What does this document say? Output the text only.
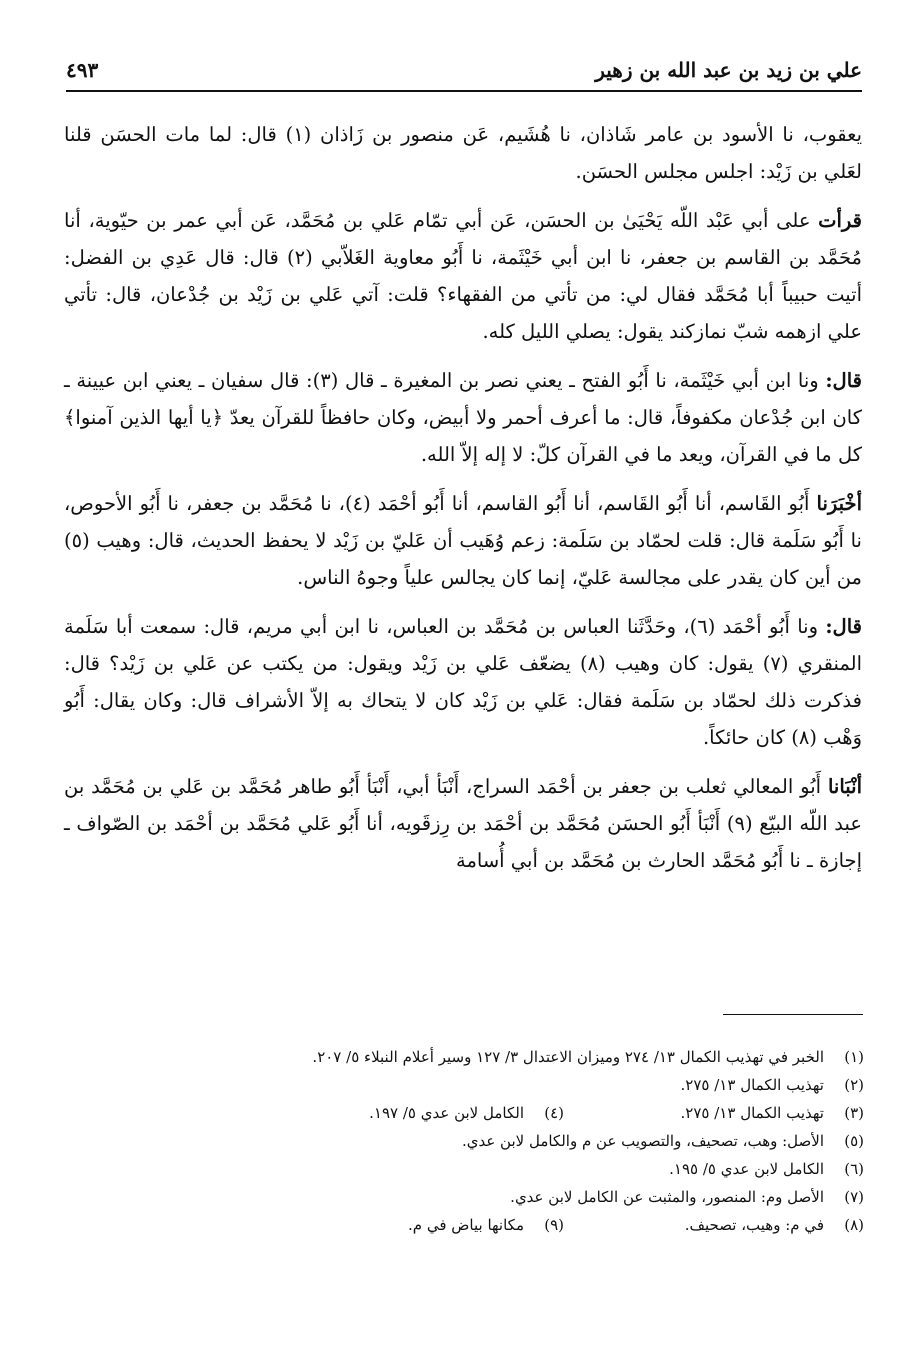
علي بن زيد بن عبد الله بن زهير
٤٩٣

يعقوب، نا الأسود بن عامر شَاذان، نا هُشَيم، عَن منصور بن زَاذان (١) قال: لما مات الحسَن قلنا لعَلي بن زَيْد: اجلس مجلس الحسَن.

قرأت على أبي عَبْد اللّه يَحْيَىٰ بن الحسَن، عَن أبي تمّام عَلي بن مُحَمَّد، عَن أبي عمر بن حيّوية، أنا مُحَمَّد بن القاسم بن جعفر، نا ابن أبي خَيْثَمة، نا أَبُو معاوية الغَلاّبي (٢) قال: قال عَدِي بن الفضل: أتيت حبيباً أبا مُحَمَّد فقال لي: من تأتي من الفقهاء؟ قلت: آتي عَلي بن زَيْد بن جُدْعان، قال: تأتي علي ازهمه شبّ نمازكند يقول: يصلي الليل كله.

قال: ونا ابن أبي خَيْثَمة، نا أَبُو الفتح ـ يعني نصر بن المغيرة ـ قال (٣): قال سفيان ـ يعني ابن عيينة ـ كان ابن جُدْعان مكفوفاً، قال: ما أعرف أحمر ولا أبيض، وكان حافظاً للقرآن يعدّ ﴿يا أيها الذين آمنوا﴾ كل ما في القرآن، ويعد ما في القرآن كلّ: لا إله إلاّ الله.

أخْبَرَنا أَبُو القَاسم، أنا أَبُو القَاسم، أنا أَبُو القاسم، أنا أَبُو أحْمَد (٤)، نا مُحَمَّد بن جعفر، نا أَبُو الأحوص، نا أَبُو سَلَمة قال: قلت لحمّاد بن سَلَمة: زعم وُهَيب أن عَليّ بن زَيْد لا يحفظ الحديث، قال: وهيب (٥) من أين كان يقدر على مجالسة عَليّ، إنما كان يجالس علياً وجوهُ الناس.

قال: ونا أَبُو أحْمَد (٦)، وحَدَّثَنا العباس بن مُحَمَّد بن العباس، نا ابن أبي مريم، قال: سمعت أبا سَلَمة المنقري (٧) يقول: كان وهيب (٨) يضعّف عَلي بن زَيْد ويقول: من يكتب عن عَلي بن زَيْد؟ قال: فذكرت ذلك لحمّاد بن سَلَمة فقال: عَلي بن زَيْد كان لا يتحاك به إلاّ الأشراف قال: وكان يقال: أَبُو وَهْب (٨) كان حائكاً.

أنْبَانا أَبُو المعالي ثعلب بن جعفر بن أحْمَد السراج، أَنْبَأ أبي، أَنْبَأ أَبُو طاهر مُحَمَّد بن عَلي بن مُحَمَّد بن عبد اللّه البيّع (٩) أَنْبَأ أَبُو الحسَن مُحَمَّد بن أحْمَد بن رِزقَويه، أنا أَبُو عَلي مُحَمَّد بن أحْمَد بن الصّواف ـ إجازة ـ نا أَبُو مُحَمَّد الحارث بن مُحَمَّد بن أبي أُسامة

(١)
الخبر في تهذيب الكمال ١٣/ ٢٧٤ وميزان الاعتدال ٣/ ١٢٧ وسير أعلام النبلاء ٥/ ٢٠٧.
(٢)
تهذيب الكمال ١٣/ ٢٧٥.
(٣)
تهذيب الكمال ١٣/ ٢٧٥.
(٤)
الكامل لابن عدي ٥/ ١٩٧.
(٥)
الأصل: وهب، تصحيف، والتصويب عن م والكامل لابن عدي.
(٦)
الكامل لابن عدي ٥/ ١٩٥.
(٧)
الأصل وم: المنصور، والمثبت عن الكامل لابن عدي.
(٨)
في م: وهيب، تصحيف.
(٩)
مكانها بياض في م.
